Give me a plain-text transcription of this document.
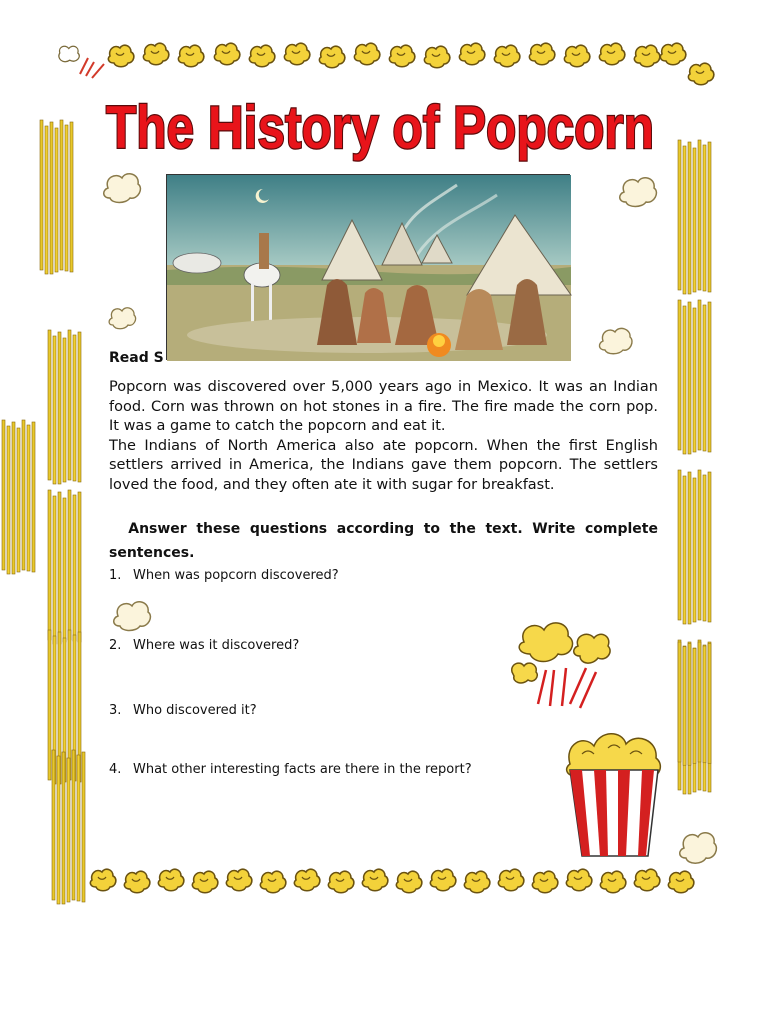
The History of Popcorn
Read S

Popcorn was discovered over 5,000 years ago in Mexico. It was an Indian food. Corn was thrown on hot stones in a fire. The fire made the corn pop. It was a game to catch the popcorn and eat it.

The Indians of North America also ate popcorn. When the first English settlers arrived in America, the Indians gave them popcorn. The settlers loved the food, and they often ate it with sugar for breakfast.

Answer these questions according to the text. Write complete sentences.
1. When was popcorn discovered?
2. Where was it discovered?
3. Who discovered it?
4. What other interesting facts are there in the report?
